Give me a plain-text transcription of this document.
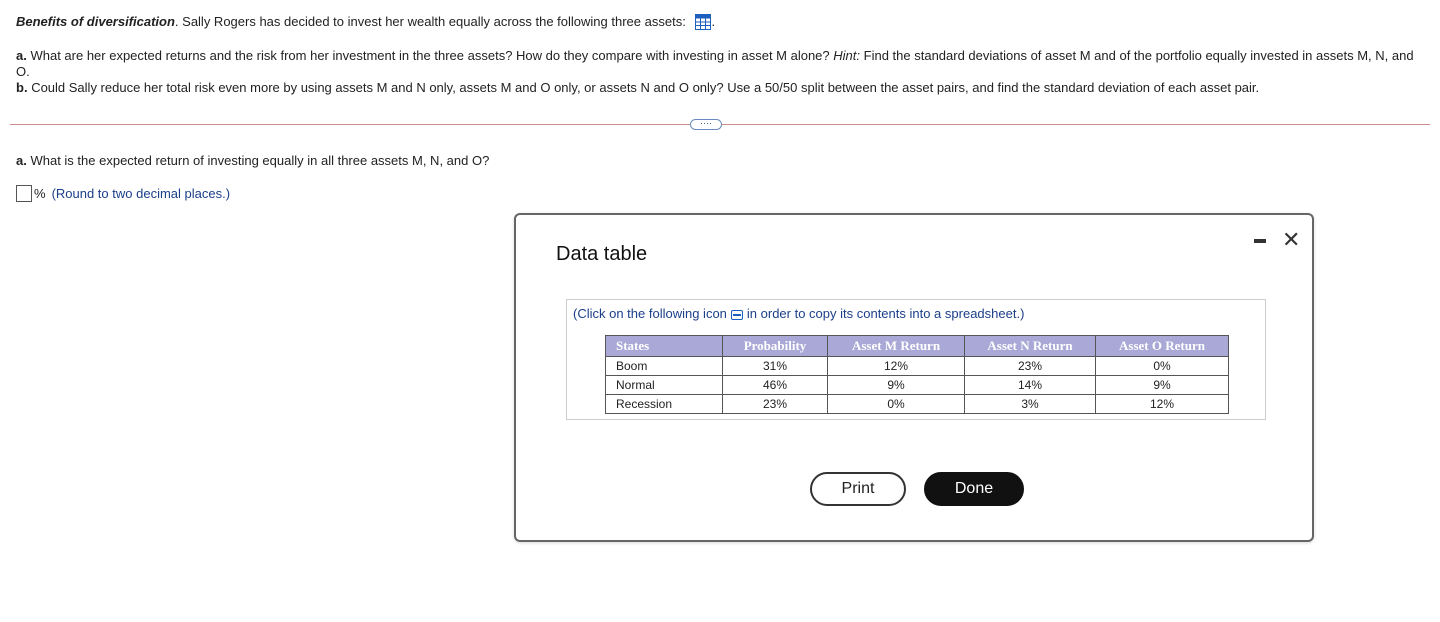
Benefits of diversification. Sally Rogers has decided to invest her wealth equally across the following three assets: .
a. What are her expected returns and the risk from her investment in the three assets? How do they compare with investing in asset M alone? Hint: Find the standard deviations of asset M and of the portfolio equally invested in assets M, N, and O.
b. Could Sally reduce her total risk even more by using assets M and N only, assets M and O only, or assets N and O only? Use a 50/50 split between the asset pairs, and find the standard deviation of each asset pair.
····
a. What is the expected return of investing equally in all three assets M, N, and O?
% (Round to two decimal places.)
Data table
✕
(Click on the following icon in order to copy its contents into a spreadsheet.)
States	Probability	Asset M Return	Asset N Return	Asset O Return
Boom	31%	12%	23%	0%
Normal	46%	9%	14%	9%
Recession	23%	0%	3%	12%
Print	Done
